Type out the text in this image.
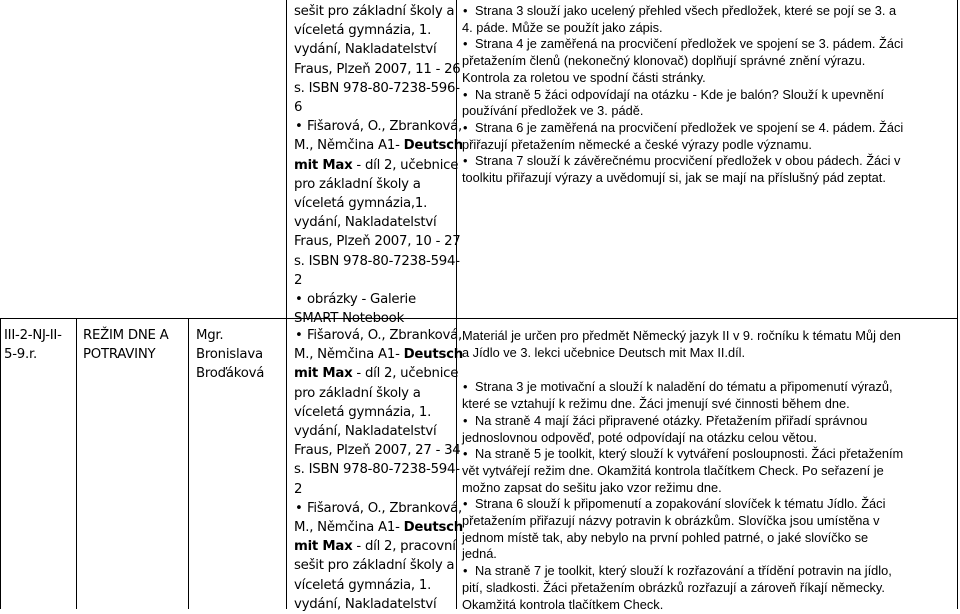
sešit pro základní školy a

víceletá gymnázia, 1.

vydání, Nakladatelství

Fraus, Plzeň 2007, 11 - 26

s. ISBN 978-80-7238-596-

6

• Fišarová, O., Zbranková,

M., Němčina A1- Deutsch

mit Max - díl 2, učebnice

pro základní školy a

víceletá gymnázia,1.

vydání, Nakladatelství

Fraus, Plzeň 2007, 10 - 27

s. ISBN 978-80-7238-594-

2

• obrázky - Galerie

SMART Notebook

• Strana 3 slouží jako ucelený přehled všech předložek, které se pojí se 3. a

4. páde. Může se použít jako zápis.

• Strana 4 je zaměřená na procvičení předložek ve spojení se 3. pádem. Žáci

přetažením členů (nekonečný klonovač) doplňují správné znění výrazu.

Kontrola za roletou ve spodní části stránky.

• Na straně 5 žáci odpovídají na otázku - Kde je balón? Slouží k upevnění

používání předložek ve 3. pádě.

• Strana 6 je zaměřená na procvičení předložek ve spojení se 4. pádem. Žáci

přiřazují přetažením německé a české výrazy podle významu.

• Strana 7 slouží k závěrečnému procvičení předložek v obou pádech. Žáci v

toolkitu přiřazují výrazy a uvědomují si, jak se mají na příslušný pád zeptat.

III-2-NJ-II-

5-9.r.

REŽIM DNE A

POTRAVINY

Mgr.

Bronislava

Broďáková

• Fišarová, O., Zbranková,

M., Němčina A1- Deutsch

mit Max - díl 2, učebnice

pro základní školy a

víceletá gymnázia, 1.

vydání, Nakladatelství

Fraus, Plzeň 2007, 27 - 34

s. ISBN 978-80-7238-594-

2

• Fišarová, O., Zbranková,

M., Němčina A1- Deutsch

mit Max - díl 2, pracovní

sešit pro základní školy a

víceletá gymnázia, 1.

vydání, Nakladatelství

Materiál je určen pro předmět Německý jazyk II v 9. ročníku k tématu Můj den

a Jídlo ve 3. lekci učebnice Deutsch mit Max II.díl.

• Strana 3 je motivační a slouží k naladění do tématu a připomenutí výrazů,

které se vztahují k režimu dne. Žáci jmenují své činnosti během dne.

• Na straně 4 mají žáci připravené otázky. Přetažením přiřadí správnou

jednoslovnou odpověď, poté odpovídají na otázku celou větou.

• Na straně 5 je toolkit, který slouží k vytváření posloupnosti. Žáci přetažením

vět vytvářejí režim dne. Okamžitá kontrola tlačítkem Check. Po seřazení je

možno zapsat do sešitu jako vzor režimu dne.

• Strana 6 slouží k připomenutí a zopakování slovíček k tématu Jídlo. Žáci

přetažením přiřazují názvy potravin k obrázkům. Slovíčka jsou umístěna v

jednom místě tak, aby nebylo na první pohled patrné, o jaké slovíčko se

jedná.

• Na straně 7 je toolkit, který slouží k rozřazování a třídění potravin na jídlo,

pití, sladkosti. Žáci přetažením obrázků rozřazují a zároveň říkají německy.

Okamžitá kontrola tlačítkem Check.
